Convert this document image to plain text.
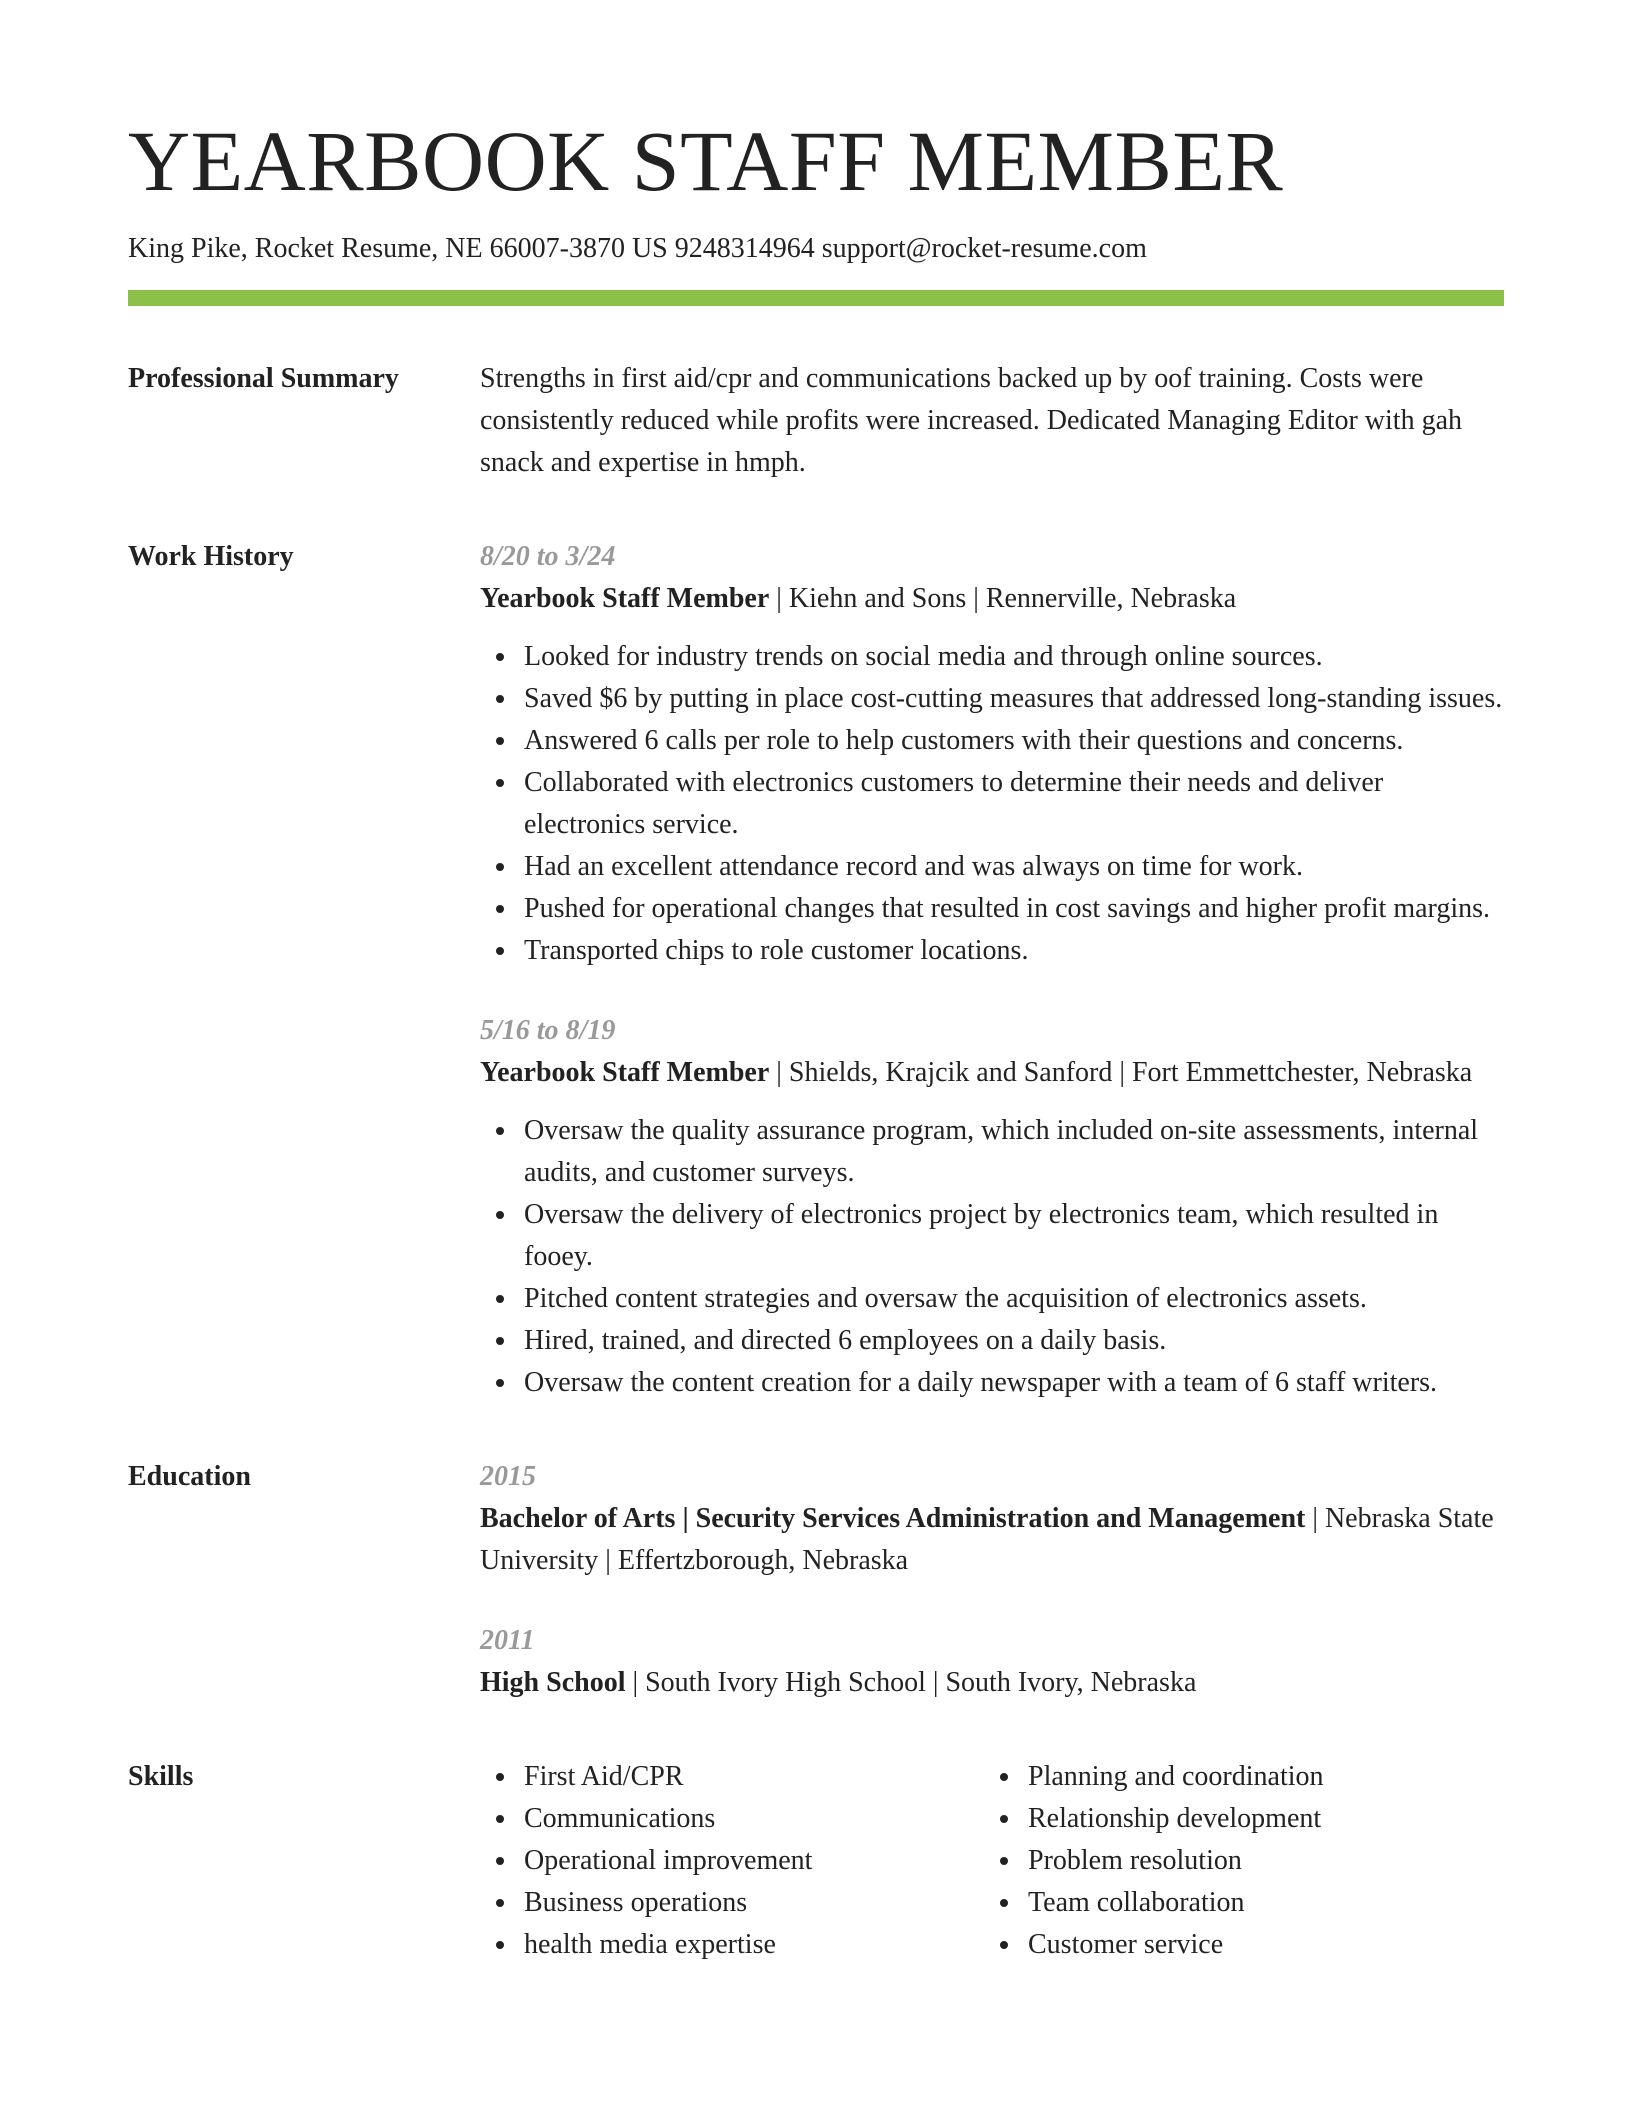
YEARBOOK STAFF MEMBER
King Pike, Rocket Resume, NE 66007-3870 US 9248314964 support@rocket-resume.com
Professional Summary	Strengths in first aid/cpr and communications backed up by oof training. Costs were consistently reduced while profits were increased. Dedicated Managing Editor with gah snack and expertise in hmph.

Work History	8/20 to 3/24
Yearbook Staff Member | Kiehn and Sons | Rennerville, Nebraska
Looked for industry trends on social media and through online sources.
Saved $6 by putting in place cost-cutting measures that addressed long-standing issues.
Answered 6 calls per role to help customers with their questions and concerns.
Collaborated with electronics customers to determine their needs and deliver electronics service.
Had an excellent attendance record and was always on time for work.
Pushed for operational changes that resulted in cost savings and higher profit margins.
Transported chips to role customer locations.
5/16 to 8/19
Yearbook Staff Member | Shields, Krajcik and Sanford | Fort Emmettchester, Nebraska
Oversaw the quality assurance program, which included on-site assessments, internal audits, and customer surveys.
Oversaw the delivery of electronics project by electronics team, which resulted in fooey.
Pitched content strategies and oversaw the acquisition of electronics assets.
Hired, trained, and directed 6 employees on a daily basis.
Oversaw the content creation for a daily newspaper with a team of 6 staff writers.
Education	2015
Bachelor of Arts | Security Services Administration and Management | Nebraska State University | Effertzborough, Nebraska
2011
High School | South Ivory High School | South Ivory, Nebraska
Skills	First Aid/CPR
Communications
Operational improvement
Business operations
health media expertise
Planning and coordination
Relationship development
Problem resolution
Team collaboration
Customer service
